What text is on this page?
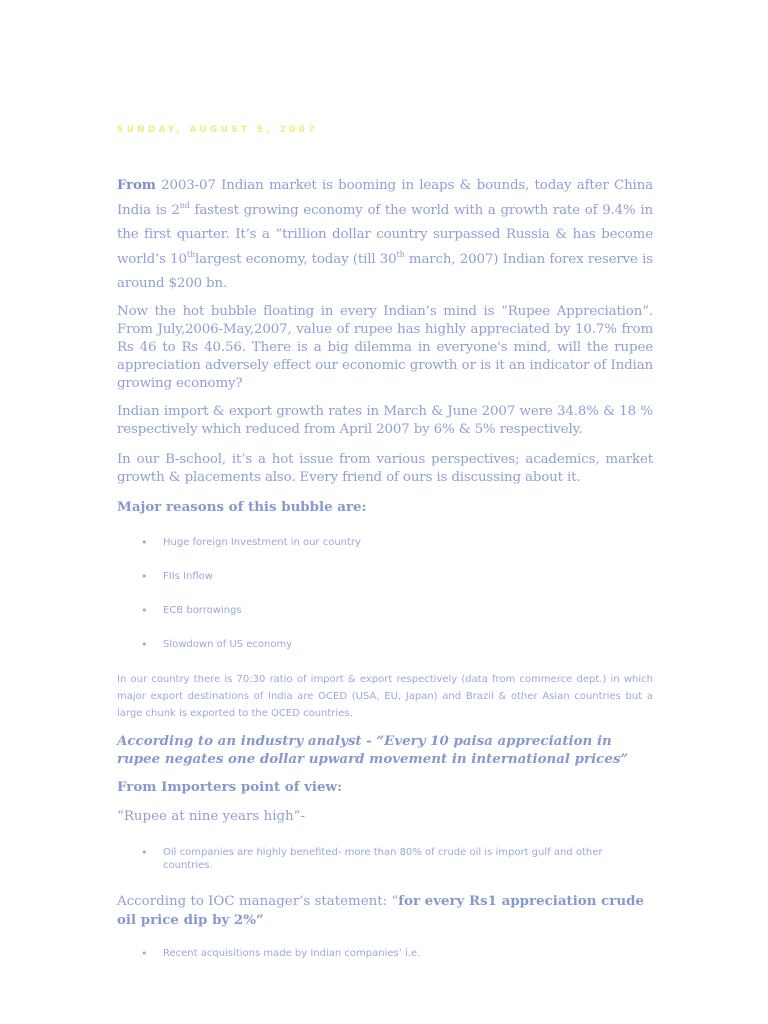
SUNDAY, AUGUST 5, 2007

From 2003-07 Indian market is booming in leaps & bounds, today after China India is 2nd fastest growing economy of the world with a growth rate of 9.4% in the first quarter. It’s a “trillion dollar country surpassed Russia & has become world’s 10thlargest economy, today (till 30th march, 2007) Indian forex reserve is around $200 bn.

Now the hot bubble floating in every Indian’s mind is “Rupee Appreciation”. From July,2006-May,2007, value of rupee has highly appreciated by 10.7% from Rs 46 to Rs 40.56. There is a big dilemma in everyone's mind, will the rupee appreciation adversely effect our economic growth or is it an indicator of Indian growing economy?

Indian import & export growth rates in March & June 2007 were 34.8% & 18 % respectively which reduced from April 2007 by 6% & 5% respectively.

In our B-school, it’s a hot issue from various perspectives; academics, market growth & placements also. Every friend of ours is discussing about it.

Major reasons of this bubble are:

• Huge foreign Investment in our country
• FIIs Inflow
• ECB borrowings
• Slowdown of US economy

In our country there is 70:30 ratio of import & export respectively (data from commerce dept.) in which major export destinations of India are OCED (USA, EU, Japan) and Brazil & other Asian countries but a large chunk is exported to the OCED countries.

According to an industry analyst - “Every 10 paisa appreciation in rupee negates one dollar upward movement in international prices”

From Importers point of view:

“Rupee at nine years high”-

• Oil companies are highly benefited- more than 80% of crude oil is import gulf and other countries.

According to IOC manager’s statement: “for every Rs1 appreciation crude oil price dip by 2%”

• Recent acquisitions made by Indian companies’ i.e.
